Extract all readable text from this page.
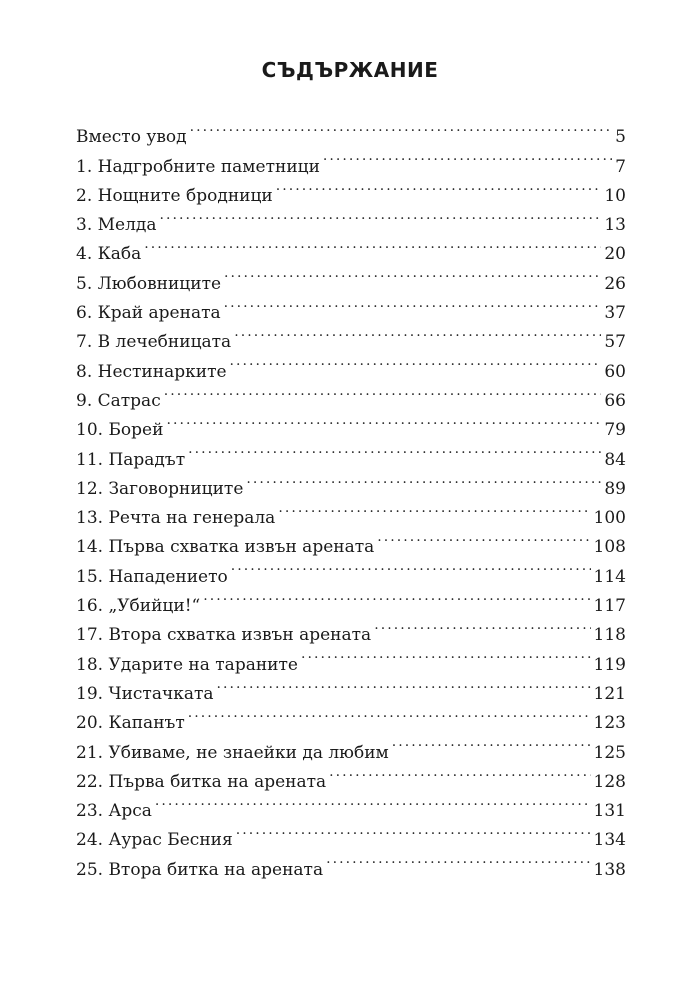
СЪДЪРЖАНИЕ
Вместо увод . . .	5
1. Надгробните паметници . . .	7
2. Нощните бродници . . .	10
3. Мелда . . .	13
4. Каба . . .	20
5. Любовниците . . .	26
6. Край арената . . .	37
7. В лечебницата . . .	57
8. Нестинарките . . .	60
9. Сатрас . . .	66
10. Борей . . .	79
11. Парадът . . .	84
12. Заговорниците . . .	89
13. Речта на генерала . . .	100
14. Първа схватка извън арената . . .	108
15. Нападението . . .	114
16. „Убийци!“ . . .	117
17. Втора схватка извън арената . . .	118
18. Ударите на тараните . . .	119
19. Чистачката . . .	121
20. Капанът . . .	123
21. Убиваме, не знаейки да любим . . .	125
22. Първа битка на арената . . .	128
23. Арса . . .	131
24. Аурас Бесния . . .	134
25. Втора битка на арената . . .	138
